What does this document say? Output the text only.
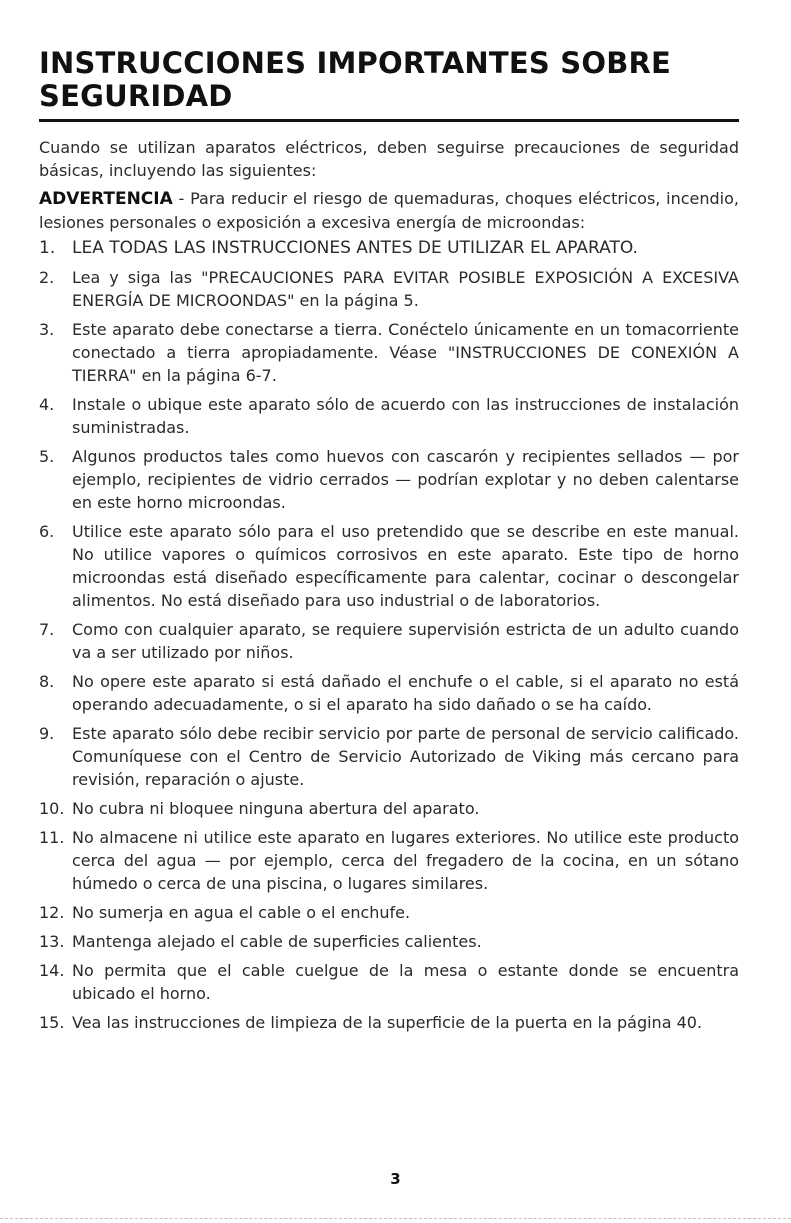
INSTRUCCIONES IMPORTANTES SOBRE SEGURIDAD

Cuando se utilizan aparatos eléctricos, deben seguirse precauciones de seguridad básicas, incluyendo las siguientes:

ADVERTENCIA - Para reducir el riesgo de quemaduras, choques eléctricos, incendio, lesiones personales o exposición a excesiva energía de microondas:

1. LEA TODAS LAS INSTRUCCIONES ANTES DE UTILIZAR EL APARATO.
2. Lea y siga las "PRECAUCIONES PARA EVITAR POSIBLE EXPOSICIÓN A EXCESIVA ENERGÍA DE MICROONDAS" en la página 5.
3. Este aparato debe conectarse a tierra. Conéctelo únicamente en un tomacorriente conectado a tierra apropiadamente. Véase "INSTRUCCIONES DE CONEXIÓN A TIERRA" en la página 6-7.
4. Instale o ubique este aparato sólo de acuerdo con las instrucciones de instalación suministradas.
5. Algunos productos tales como huevos con cascarón y recipientes sellados — por ejemplo, recipientes de vidrio cerrados — podrían explotar y no deben calentarse en este horno microondas.
6. Utilice este aparato sólo para el uso pretendido que se describe en este manual. No utilice vapores o químicos corrosivos en este aparato. Este tipo de horno microondas está diseñado específicamente para calentar, cocinar o descongelar alimentos. No está diseñado para uso industrial o de laboratorios.
7. Como con cualquier aparato, se requiere supervisión estricta de un adulto cuando va a ser utilizado por niños.
8. No opere este aparato si está dañado el enchufe o el cable, si el aparato no está operando adecuadamente, o si el aparato ha sido dañado o se ha caído.
9. Este aparato sólo debe recibir servicio por parte de personal de servicio calificado. Comuníquese con el Centro de Servicio Autorizado de Viking más cercano para revisión, reparación o ajuste.
10. No cubra ni bloquee ninguna abertura del aparato.
11. No almacene ni utilice este aparato en lugares exteriores. No utilice este producto cerca del agua — por ejemplo, cerca del fregadero de la cocina, en un sótano húmedo o cerca de una piscina, o lugares similares.
12. No sumerja en agua el cable o el enchufe.
13. Mantenga alejado el cable de superficies calientes.
14. No permita que el cable cuelgue de la mesa o estante donde se encuentra ubicado el horno.
15. Vea las instrucciones de limpieza de la superficie de la puerta en la página 40.
3
